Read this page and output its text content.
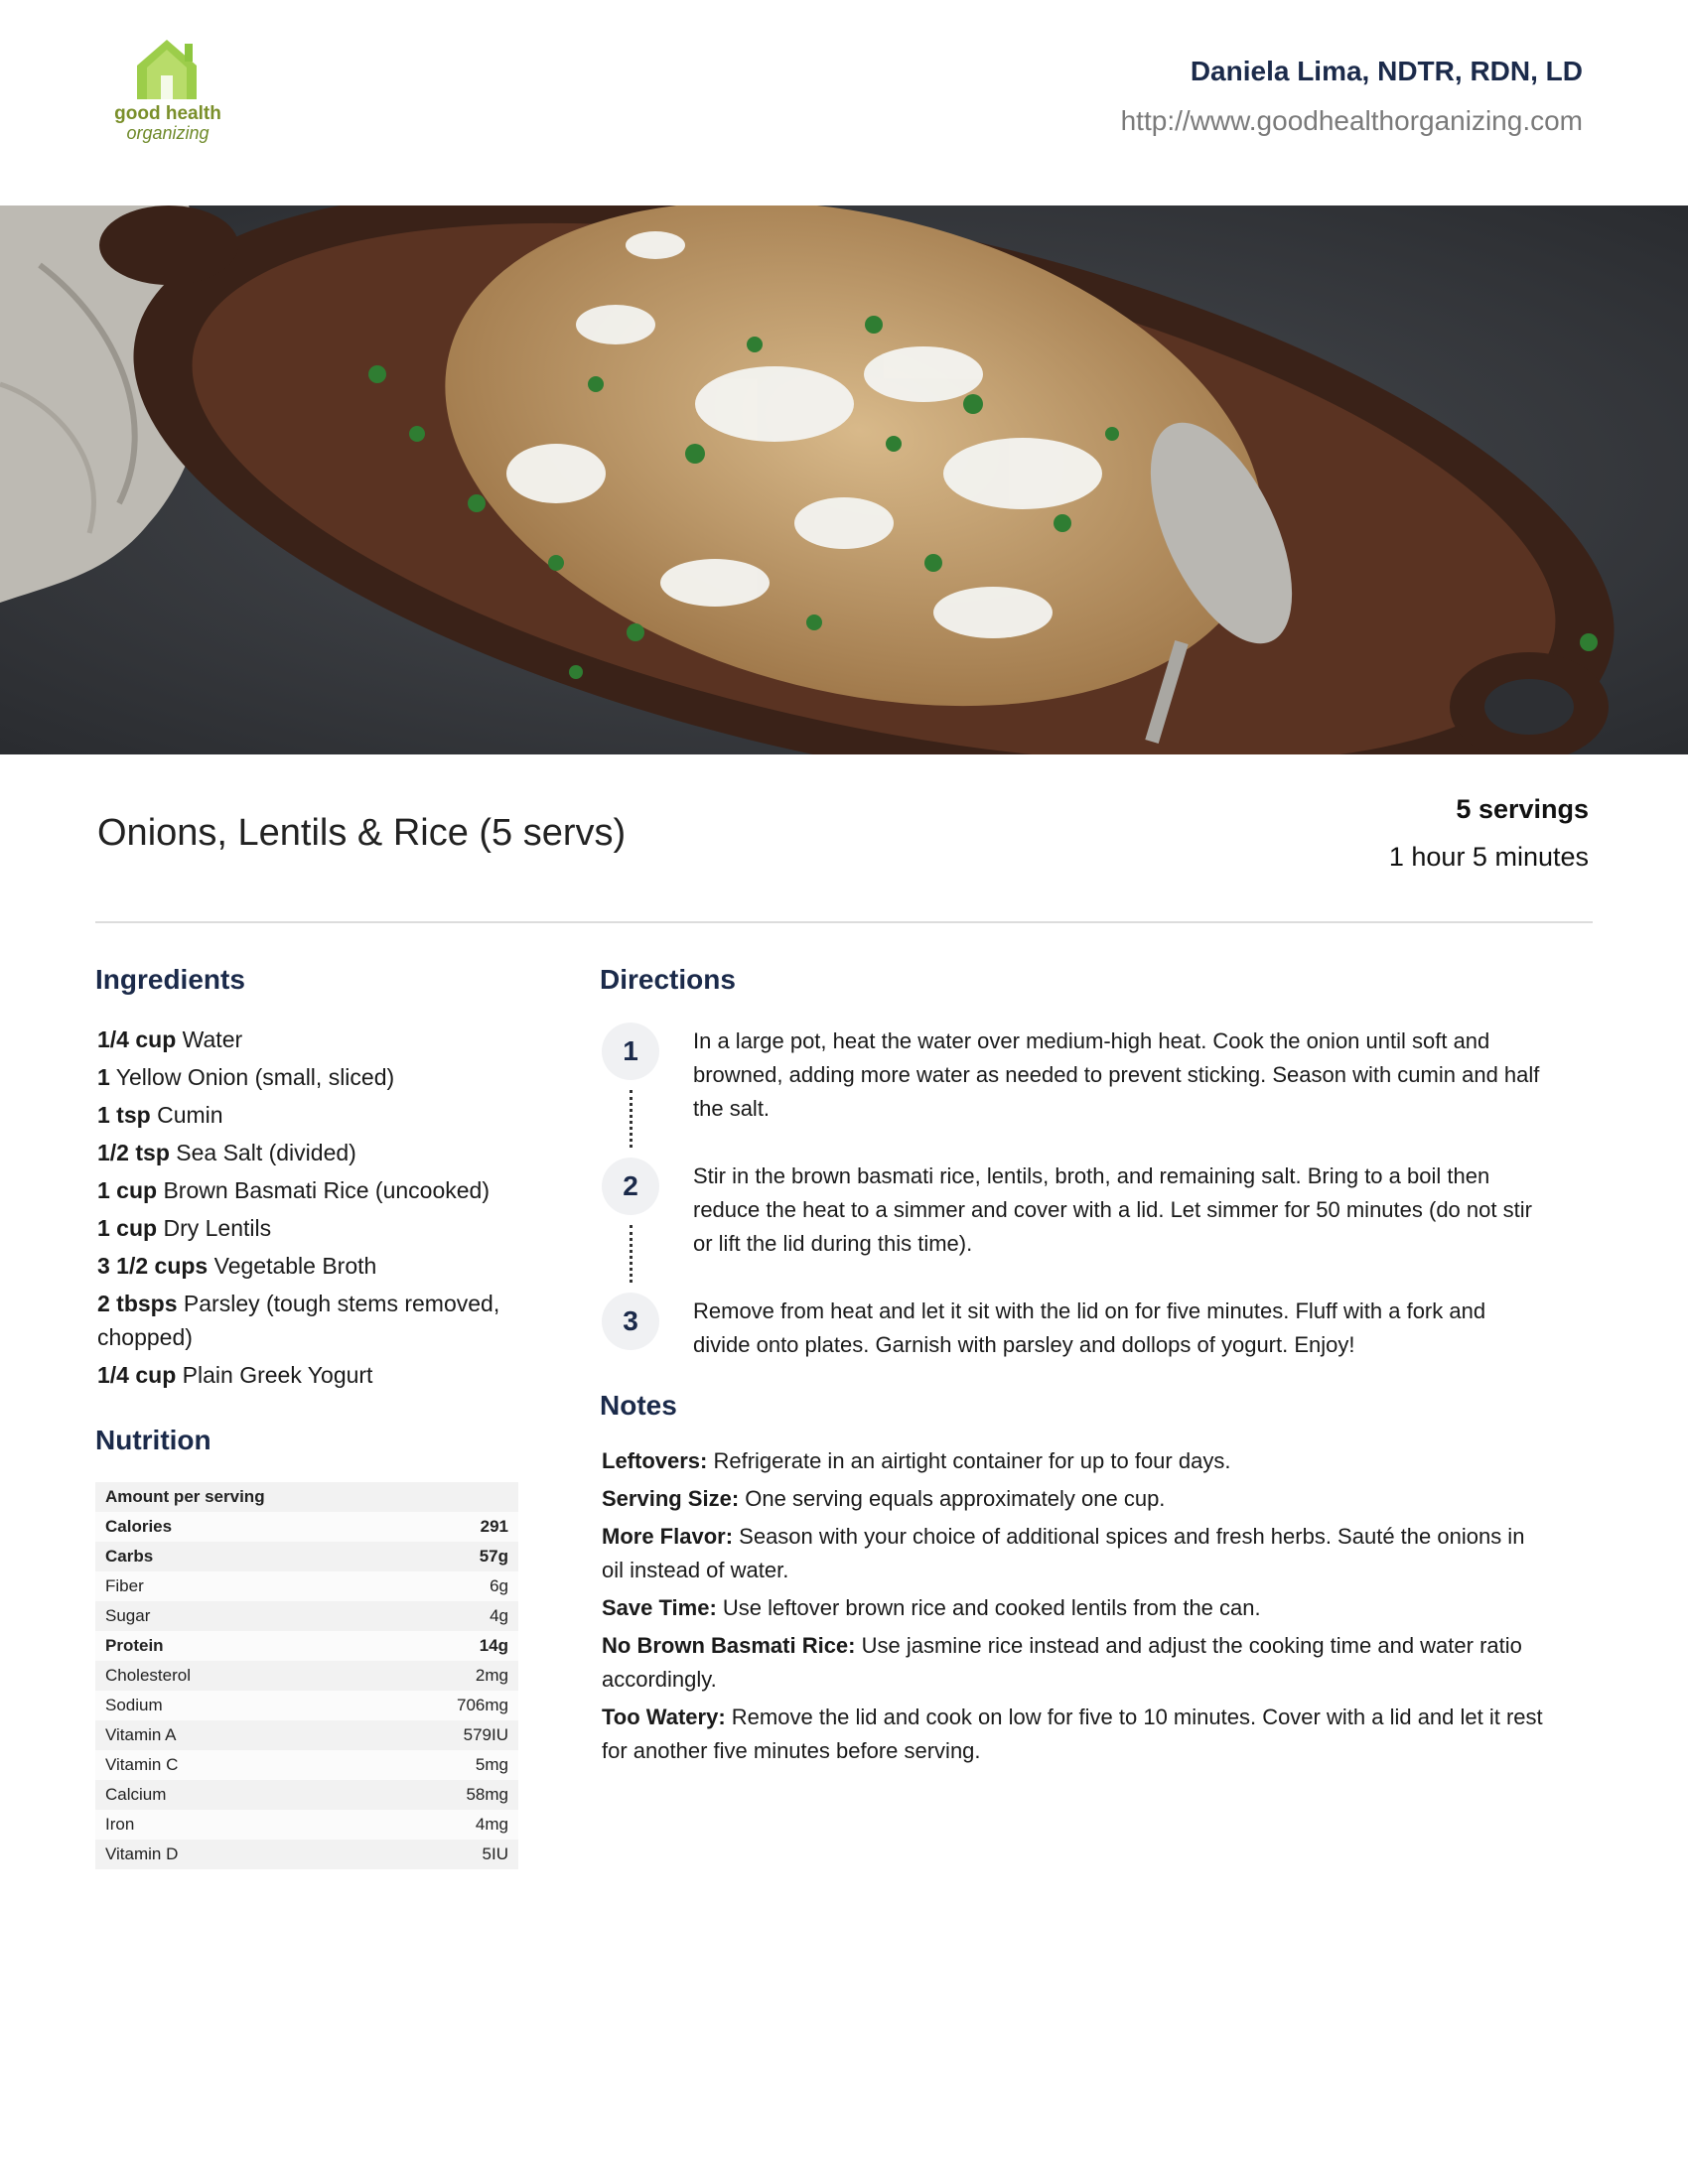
good health
organizing
Daniela Lima, NDTR, RDN, LD
http://www.goodhealthorganizing.com
Onions, Lentils & Rice (5 servs)
5 servings
1 hour 5 minutes
Ingredients
1/4 cup Water
1 Yellow Onion (small, sliced)
1 tsp Cumin
1/2 tsp Sea Salt (divided)
1 cup Brown Basmati Rice (uncooked)
1 cup Dry Lentils
3 1/2 cups Vegetable Broth
2 tbsps Parsley (tough stems removed, chopped)
1/4 cup Plain Greek Yogurt
Nutrition
Amount per serving
Calories	291
Carbs	57g
Fiber	6g
Sugar	4g
Protein	14g
Cholesterol	2mg
Sodium	706mg
Vitamin A	579IU
Vitamin C	5mg
Calcium	58mg
Iron	4mg
Vitamin D	5IU
Directions
1	In a large pot, heat the water over medium-high heat. Cook the onion until soft and browned, adding more water as needed to prevent sticking. Season with cumin and half the salt.
2	Stir in the brown basmati rice, lentils, broth, and remaining salt. Bring to a boil then reduce the heat to a simmer and cover with a lid. Let simmer for 50 minutes (do not stir or lift the lid during this time).
3	Remove from heat and let it sit with the lid on for five minutes. Fluff with a fork and divide onto plates. Garnish with parsley and dollops of yogurt. Enjoy!
Notes
Leftovers: Refrigerate in an airtight container for up to four days.
Serving Size: One serving equals approximately one cup.
More Flavor: Season with your choice of additional spices and fresh herbs. Sauté the onions in oil instead of water.
Save Time: Use leftover brown rice and cooked lentils from the can.
No Brown Basmati Rice: Use jasmine rice instead and adjust the cooking time and water ratio accordingly.
Too Watery: Remove the lid and cook on low for five to 10 minutes. Cover with a lid and let it rest for another five minutes before serving.
